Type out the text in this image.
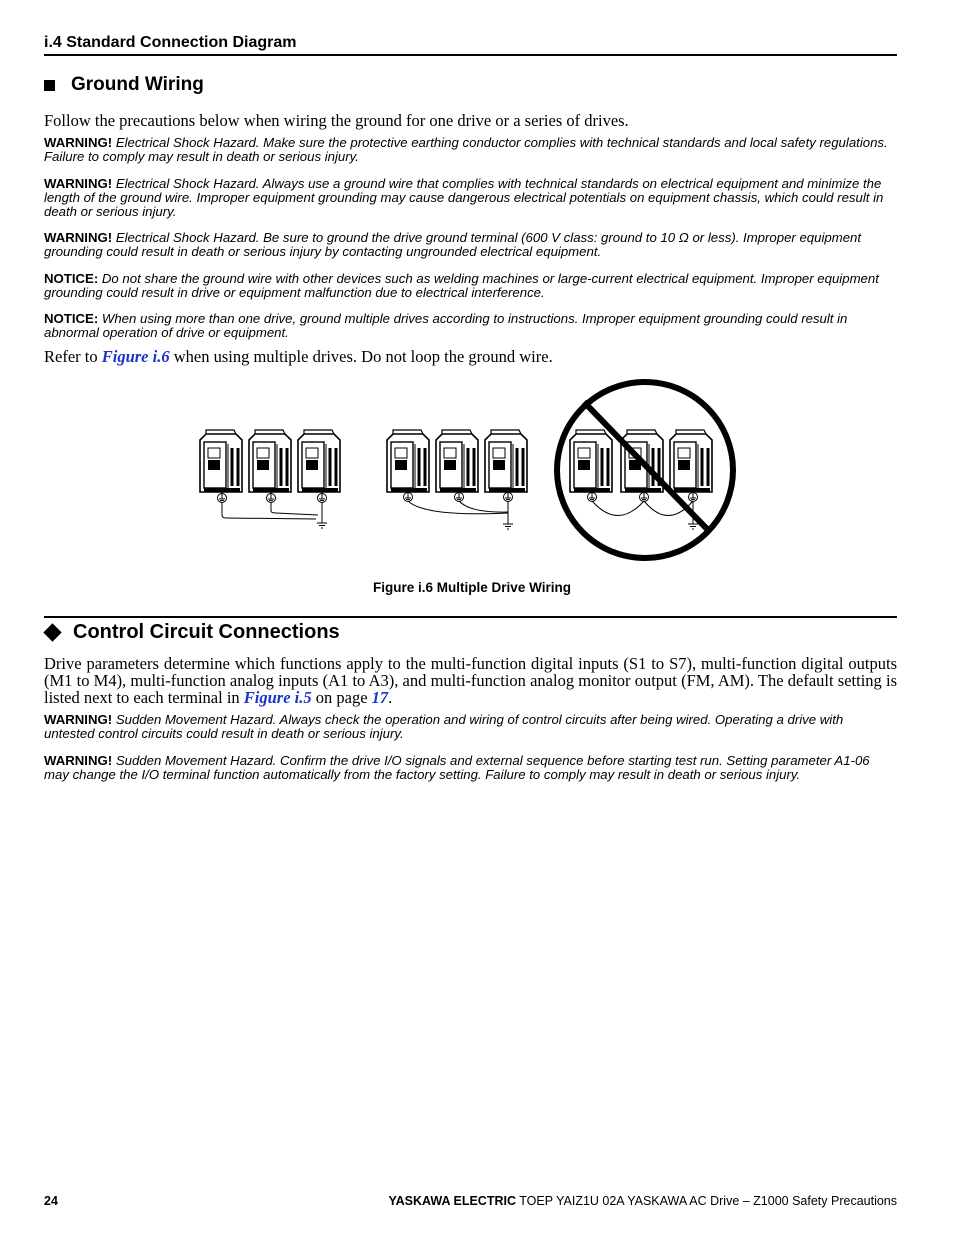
i.4 Standard Connection Diagram
Ground Wiring
Follow the precautions below when wiring the ground for one drive or a series of drives.
WARNING! Electrical Shock Hazard. Make sure the protective earthing conductor complies with technical standards and local safety regulations. Failure to comply may result in death or serious injury.
WARNING! Electrical Shock Hazard. Always use a ground wire that complies with technical standards on electrical equipment and minimize the length of the ground wire. Improper equipment grounding may cause dangerous electrical potentials on equipment chassis, which could result in death or serious injury.
WARNING! Electrical Shock Hazard. Be sure to ground the drive ground terminal (600 V class: ground to 10 Ω or less). Improper equipment grounding could result in death or serious injury by contacting ungrounded electrical equipment.
NOTICE: Do not share the ground wire with other devices such as welding machines or large-current electrical equipment. Improper equipment grounding could result in drive or equipment malfunction due to electrical interference.
NOTICE: When using more than one drive, ground multiple drives according to instructions. Improper equipment grounding could result in abnormal operation of drive or equipment.
Refer to Figure i.6 when using multiple drives. Do not loop the ground wire.
Figure i.6 Multiple Drive Wiring
Control Circuit Connections
Drive parameters determine which functions apply to the multi-function digital inputs (S1 to S7), multi-function digital outputs (M1 to M4), multi-function analog inputs (A1 to A3), and multi-function analog monitor output (FM, AM). The default setting is listed next to each terminal in Figure i.5 on page 17.
WARNING! Sudden Movement Hazard. Always check the operation and wiring of control circuits after being wired. Operating a drive with untested control circuits could result in death or serious injury.
WARNING! Sudden Movement Hazard. Confirm the drive I/O signals and external sequence before starting test run. Setting parameter A1-06 may change the I/O terminal function automatically from the factory setting. Failure to comply may result in death or serious injury.
24	YASKAWA ELECTRIC TOEP YAIZ1U 02A YASKAWA AC Drive – Z1000 Safety Precautions
